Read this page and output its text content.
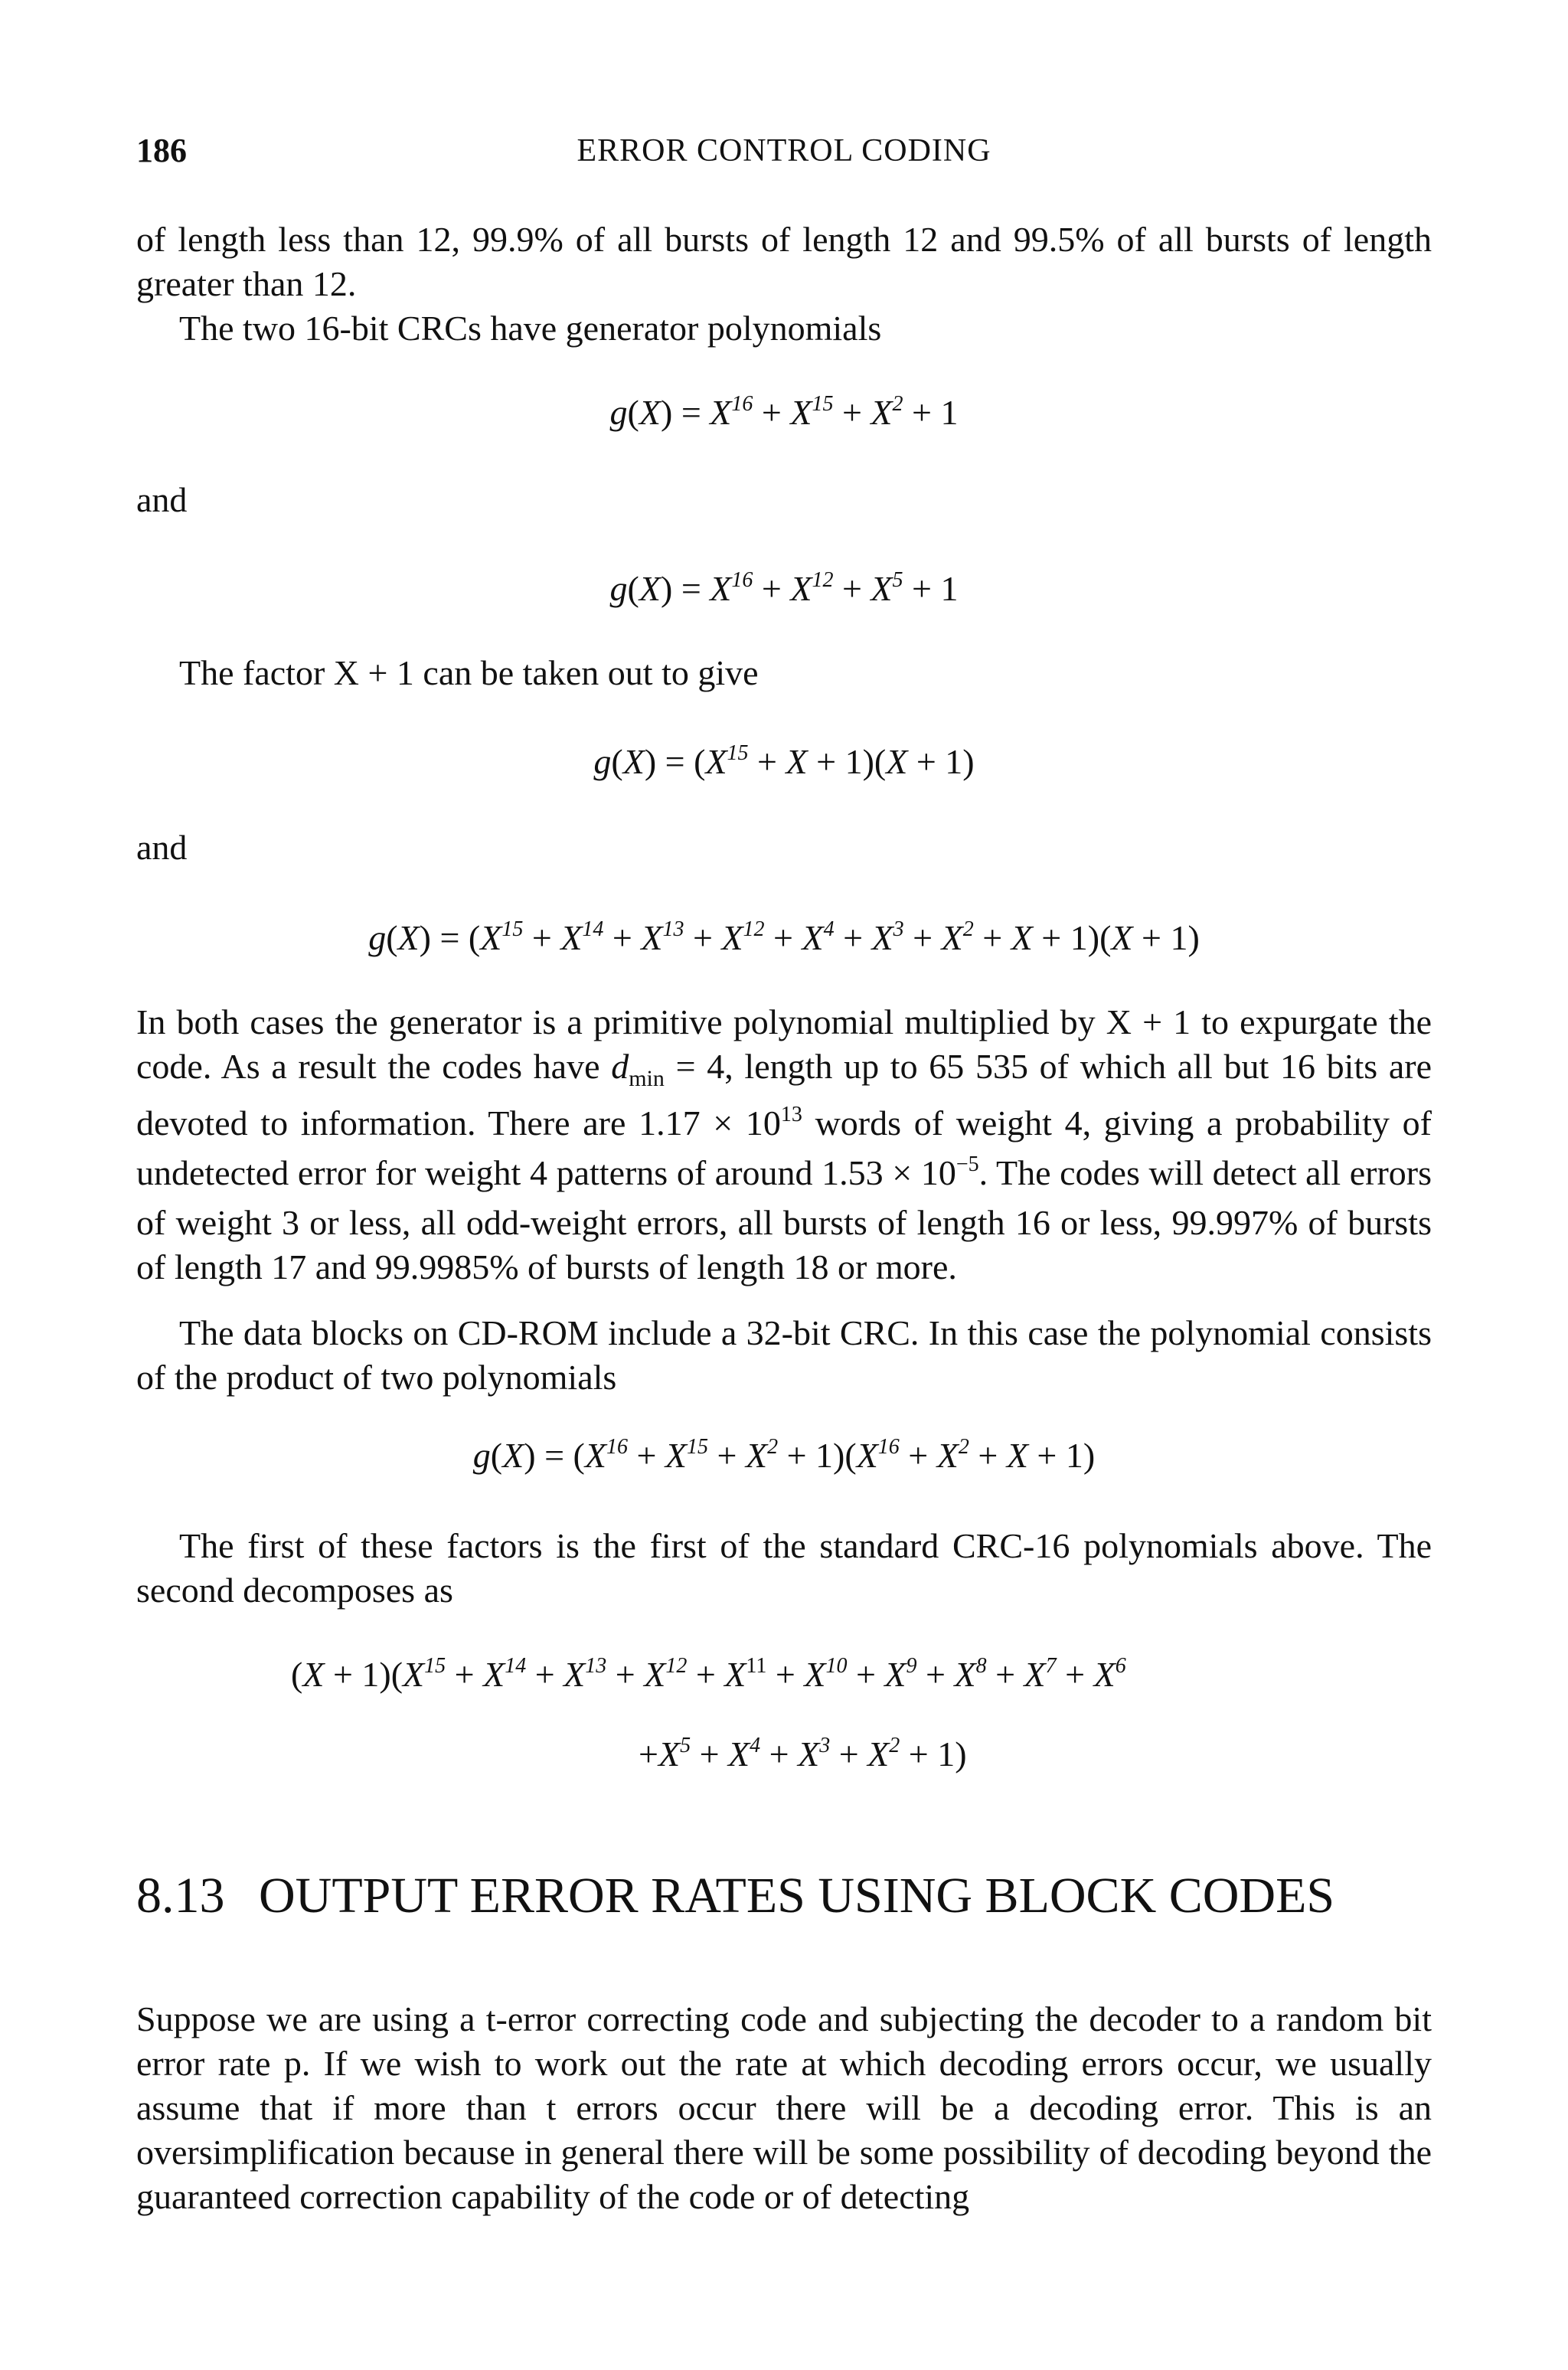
186	ERROR CONTROL CODING
of length less than 12, 99.9% of all bursts of length 12 and 99.5% of all bursts of length greater than 12.
The two 16-bit CRCs have generator polynomials
$g(X) = X^{16} + X^{15} + X^2 + 1$
and
$g(X) = X^{16} + X^{12} + X^5 + 1$
The factor X + 1 can be taken out to give
$g(X) = (X^{15} + X + 1)(X + 1)$
and
$g(X) = (X^{15} + X^{14} + X^{13} + X^{12} + X^4 + X^3 + X^2 + X + 1)(X + 1)$
In both cases the generator is a primitive polynomial multiplied by X + 1 to expurgate the code. As a result the codes have $d_{min} = 4$, length up to 65 535 of which all but 16 bits are devoted to information. There are $1.17 \times 10^{13}$ words of weight 4, giving a probability of undetected error for weight 4 patterns of around $1.53 \times 10^{-5}$. The codes will detect all errors of weight 3 or less, all odd-weight errors, all bursts of length 16 or less, 99.997% of bursts of length 17 and 99.9985% of bursts of length 18 or more.
The data blocks on CD-ROM include a 32-bit CRC. In this case the polynomial consists of the product of two polynomials
$g(X) = (X^{16} + X^{15} + X^2 + 1)(X^{16} + X^2 + X + 1)$
The first of these factors is the first of the standard CRC-16 polynomials above. The second decomposes as
$(X + 1)(X^{15} + X^{14} + X^{13} + X^{12} + X^{11} + X^{10} + X^9 + X^8 + X^7 + X^6$
$+X^5 + X^4 + X^3 + X^2 + 1$)
8.13 OUTPUT ERROR RATES USING BLOCK CODES
Suppose we are using a t-error correcting code and subjecting the decoder to a random bit error rate p. If we wish to work out the rate at which decoding errors occur, we usually assume that if more than t errors occur there will be a decoding error. This is an oversimplification because in general there will be some possibility of decoding beyond the guaranteed correction capability of the code or of detecting
